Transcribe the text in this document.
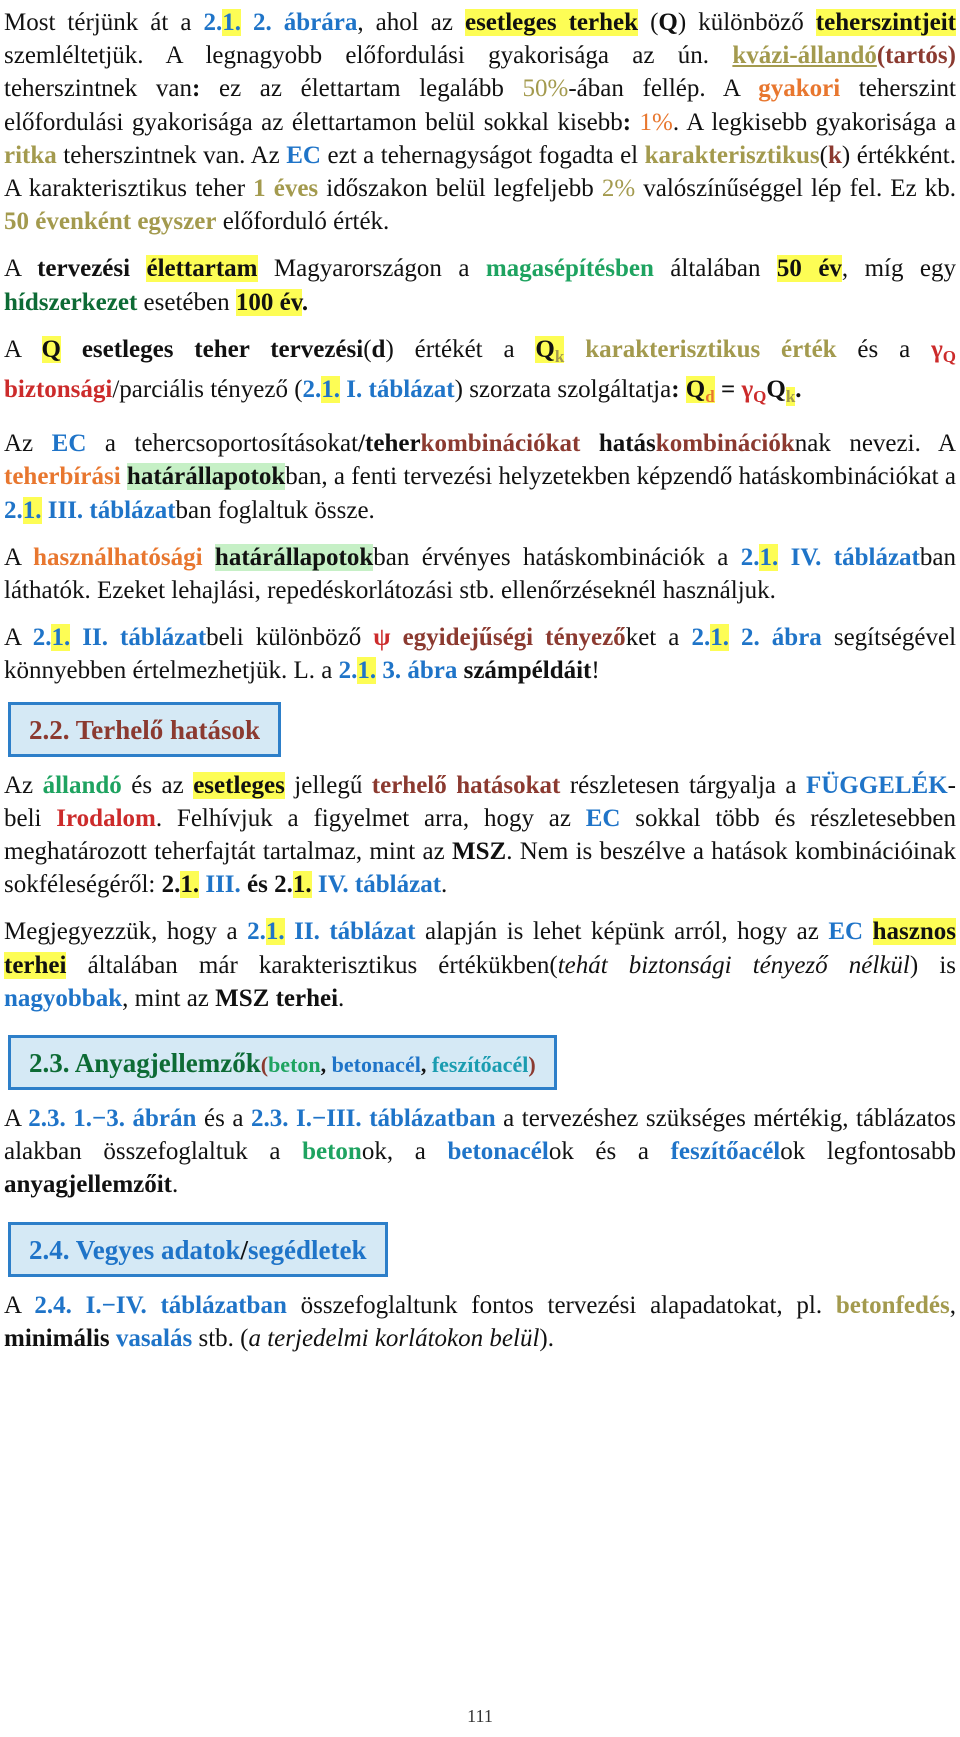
Most térjünk át a 2.1. 2. ábrára, ahol az esetleges terhek (Q) különböző teherszintjeit szemléltetjük. A legnagyobb előfordulási gyakorisága az ún. kvázi-állandó(tartós) teherszintnek van: ez az élettartam legalább 50%-ában fellép. A gyakori teherszint előfordulási gyakorisága az élettartamon belül sokkal kisebb: 1%. A legkisebb gyakorisága a ritka teherszintnek van. Az EC ezt a tehernagyságot fogadta el karakterisztikus(k) értékként. A karakterisztikus teher 1 éves időszakon belül legfeljebb 2% valószínűséggel lép fel. Ez kb. 50 évenként egyszer előforduló érték.

A tervezési élettartam Magyarországon a magasépítésben általában 50 év, míg egy hídszerkezet esetében 100 év.

A Q esetleges teher tervezési(d) értékét a $Q_k$ karakterisztikus érték és a $\gamma_Q$ biztonsági/parciális tényező (2.1. I. táblázat) szorzata szolgáltatja: $Q_d = \gamma_QQ_k$.

Az EC a tehercsoportosításokat/teherkombinációkat hatáskombinációknak nevezi. A teherbírási határállapotokban, a fenti tervezési helyzetekben képzendő hatáskombinációkat a 2.1. III. táblázatban foglaltuk össze.

A használhatósági határállapotokban érvényes hatáskombinációk a 2.1. IV. táblázatban láthatók. Ezeket lehajlási, repedéskorlátozási stb. ellenőrzéseknél használjuk.

A 2.1. II. táblázatbeli különböző ψ egyidejűségi tényezőket a 2.1. 2. ábra segítségével könnyebben értelmezhetjük. L. a 2.1. 3. ábra számpéldáit!

2.2. Terhelő hatások

Az állandó és az esetleges jellegű terhelő hatásokat részletesen tárgyalja a FÜGGELÉK-beli Irodalom. Felhívjuk a figyelmet arra, hogy az EC sokkal több és részletesebben meghatározott teherfajtát tartalmaz, mint az MSZ. Nem is beszélve a hatások kombinációinak sokféleségéről: 2.1. III. és 2.1. IV. táblázat.

Megjegyezzük, hogy a 2.1. II. táblázat alapján is lehet képünk arról, hogy az EC hasznos terhei általában már karakterisztikus értékükben(tehát biztonsági tényező nélkül) is nagyobbak, mint az MSZ terhei.

2.3. Anyagjellemzők(beton, betonacél, feszítőacél)

A 2.3. 1.−3. ábrán és a 2.3. I.−III. táblázatban a tervezéshez szükséges mértékig, táblázatos alakban összefoglaltuk a betonok, a betonacélok és a feszítőacélok legfontosabb anyagjellemzőit.

2.4. Vegyes adatok/segédletek

A 2.4. I.−IV. táblázatban összefoglaltunk fontos tervezési alapadatokat, pl. betonfedés, minimális vasalás stb. (a terjedelmi korlátokon belül).

111
